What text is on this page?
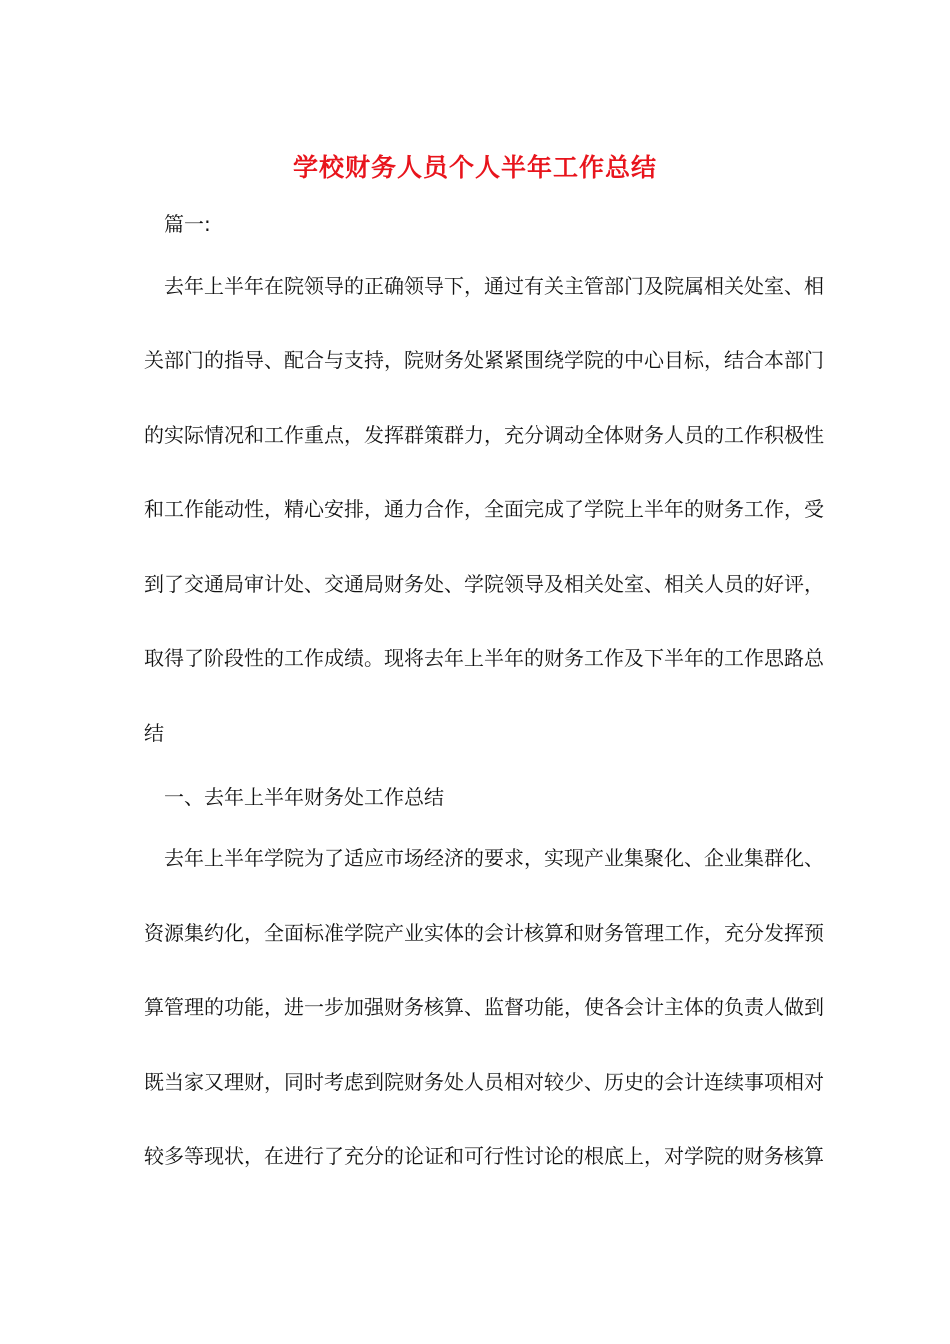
学校财务人员个人半年工作总结
篇一:
去年上半年在院领导的正确领导下，通过有关主管部门及院属相关处室、相
关部门的指导、配合与支持，院财务处紧紧围绕学院的中心目标，结合本部门
的实际情况和工作重点，发挥群策群力，充分调动全体财务人员的工作积极性
和工作能动性，精心安排，通力合作，全面完成了学院上半年的财务工作，受
到了交通局审计处、交通局财务处、学院领导及相关处室、相关人员的好评，
取得了阶段性的工作成绩。现将去年上半年的财务工作及下半年的工作思路总
结
一、去年上半年财务处工作总结
去年上半年学院为了适应市场经济的要求，实现产业集聚化、企业集群化、
资源集约化，全面标准学院产业实体的会计核算和财务管理工作，充分发挥预
算管理的功能，进一步加强财务核算、监督功能，使各会计主体的负责人做到
既当家又理财，同时考虑到院财务处人员相对较少、历史的会计连续事项相对
较多等现状，在进行了充分的论证和可行性讨论的根底上，对学院的财务核算
